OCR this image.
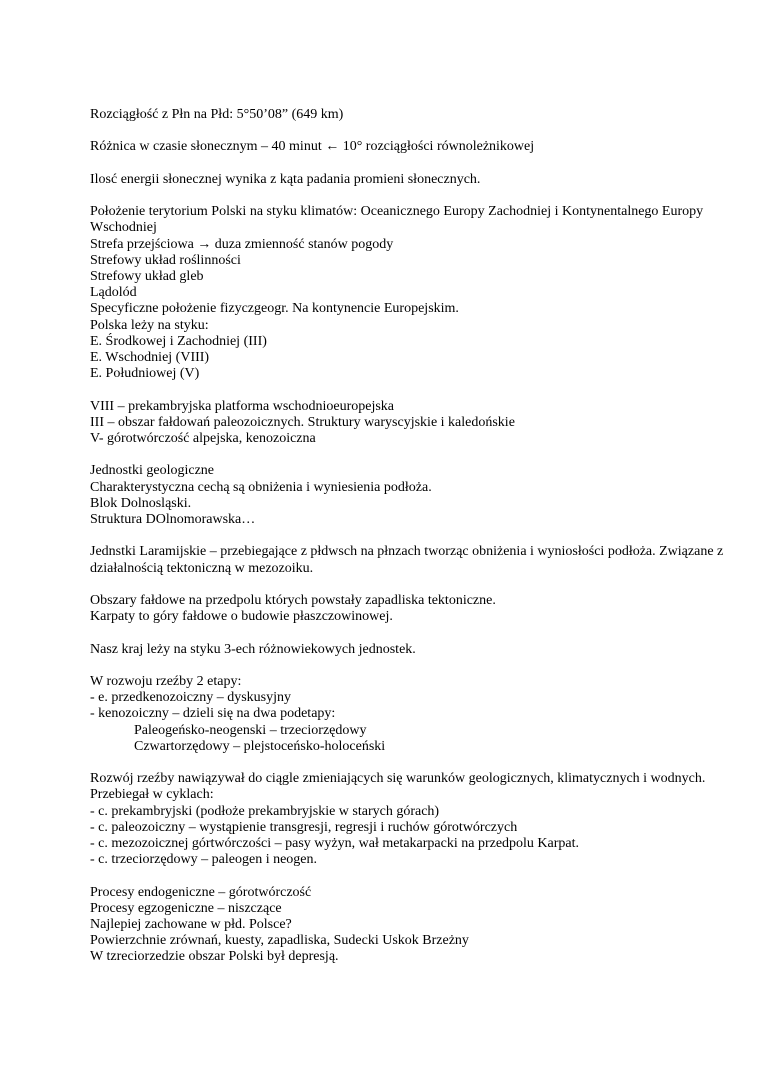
Rozciągłość z Płn na Płd: 5°50’08” (649 km)
Różnica w czasie słonecznym – 40 minut ← 10° rozciągłości równoleżnikowej
Ilosć energii słonecznej wynika z kąta padania promieni słonecznych.
Położenie terytorium Polski na styku klimatów: Oceanicznego Europy Zachodniej i Kontynentalnego Europy Wschodniej
Strefa przejściowa → duza zmienność stanów pogody
Strefowy układ roślinności
Strefowy układ gleb
Lądolód
Specyficzne położenie fizyczgeogr. Na kontynencie Europejskim.
Polska leży na styku:
E. Środkowej i Zachodniej (III)
E. Wschodniej (VIII)
E. Południowej (V)
VIII – prekambryjska platforma wschodnioeuropejska
III – obszar fałdowań paleozoicznych. Struktury waryscyjskie i kaledońskie
V- górotwórczość alpejska, kenozoiczna
Jednostki geologiczne
Charakterystyczna cechą są obniżenia i wyniesienia podłoża.
Blok Dolnosląski.
Struktura DOlnomorawska…
Jednstki Laramijskie – przebiegające z płdwsch na płnzach tworząc obniżenia i wyniosłości podłoża. Związane z działalnością tektoniczną w mezozoiku.
Obszary fałdowe na przedpolu których powstały zapadliska tektoniczne.
Karpaty to góry fałdowe o budowie płaszczowinowej.
Nasz kraj leży na styku 3-ech różnowiekowych jednostek.
W rozwoju rzeźby 2 etapy:
- e. przedkenozoiczny – dyskusyjny
- kenozoiczny – dzieli się na dwa podetapy:
Paleogeńsko-neogenski – trzeciorzędowy
Czwartorzędowy – plejstoceńsko-holoceński
Rozwój rzeźby nawiązywał do ciągle zmieniających się warunków geologicznych, klimatycznych i wodnych.
Przebiegał w cyklach:
- c. prekambryjski (podłoże prekambryjskie w starych górach)
- c. paleozoiczny – wystąpienie transgresji, regresji i ruchów górotwórczych
- c. mezozoicznej górtwórczości – pasy wyżyn, wał metakarpacki na przedpolu Karpat.
- c. trzeciorzędowy – paleogen i neogen.
Procesy endogeniczne – górotwórczość
Procesy egzogeniczne – niszczące
Najlepiej zachowane w płd. Polsce?
Powierzchnie zrównań, kuesty, zapadliska, Sudecki Uskok Brzeżny
W tzreciorzedzie obszar Polski był depresją.
